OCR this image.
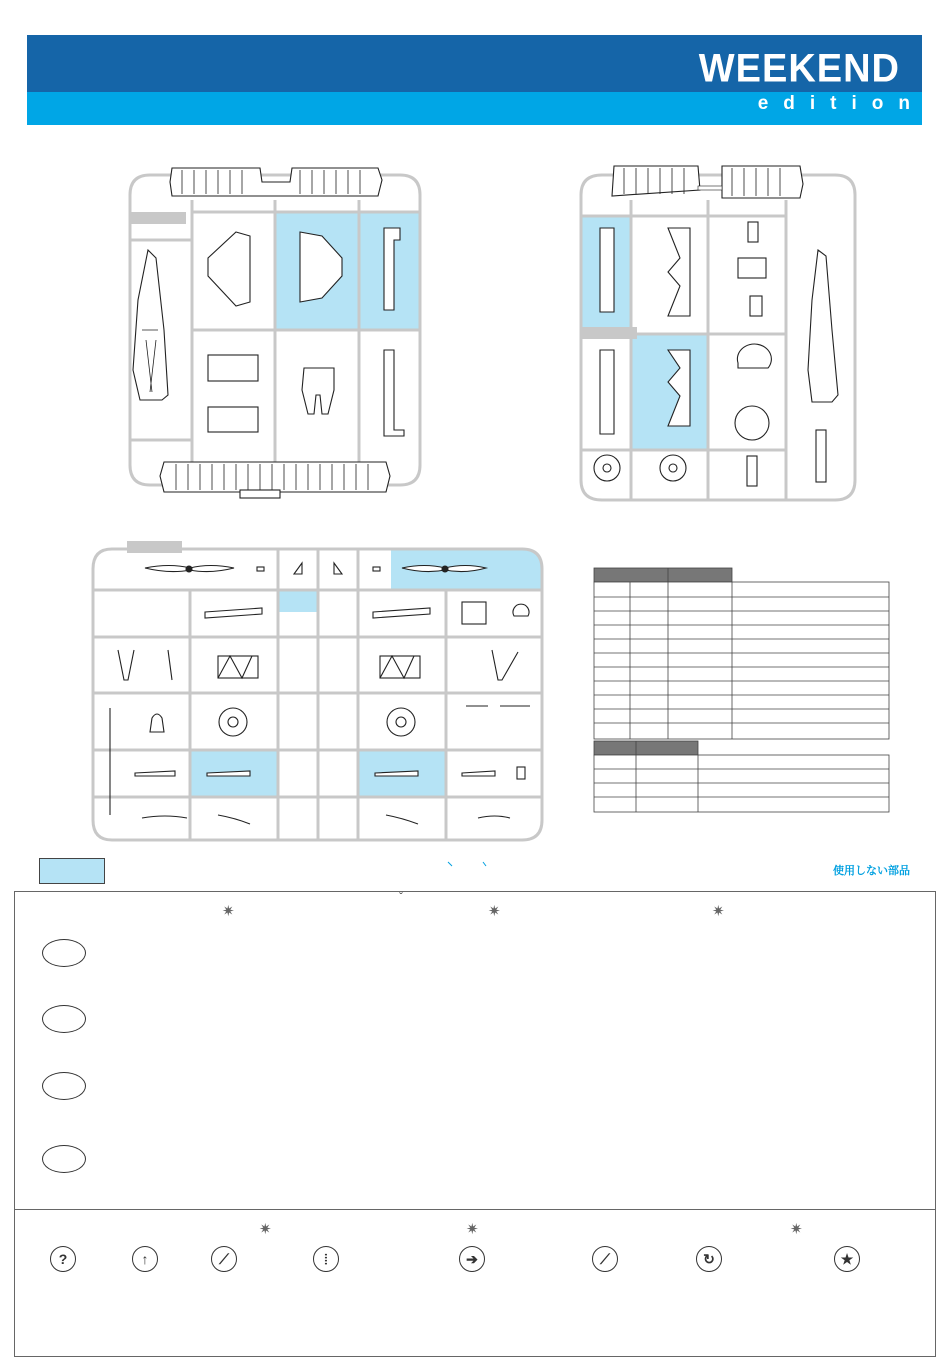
WEEKEND
edition
使用しない部品
ˇ
✷	✷	✷
✷	✷	✷
?	↑	⟋	⦙	➔	⟋	↻	★
